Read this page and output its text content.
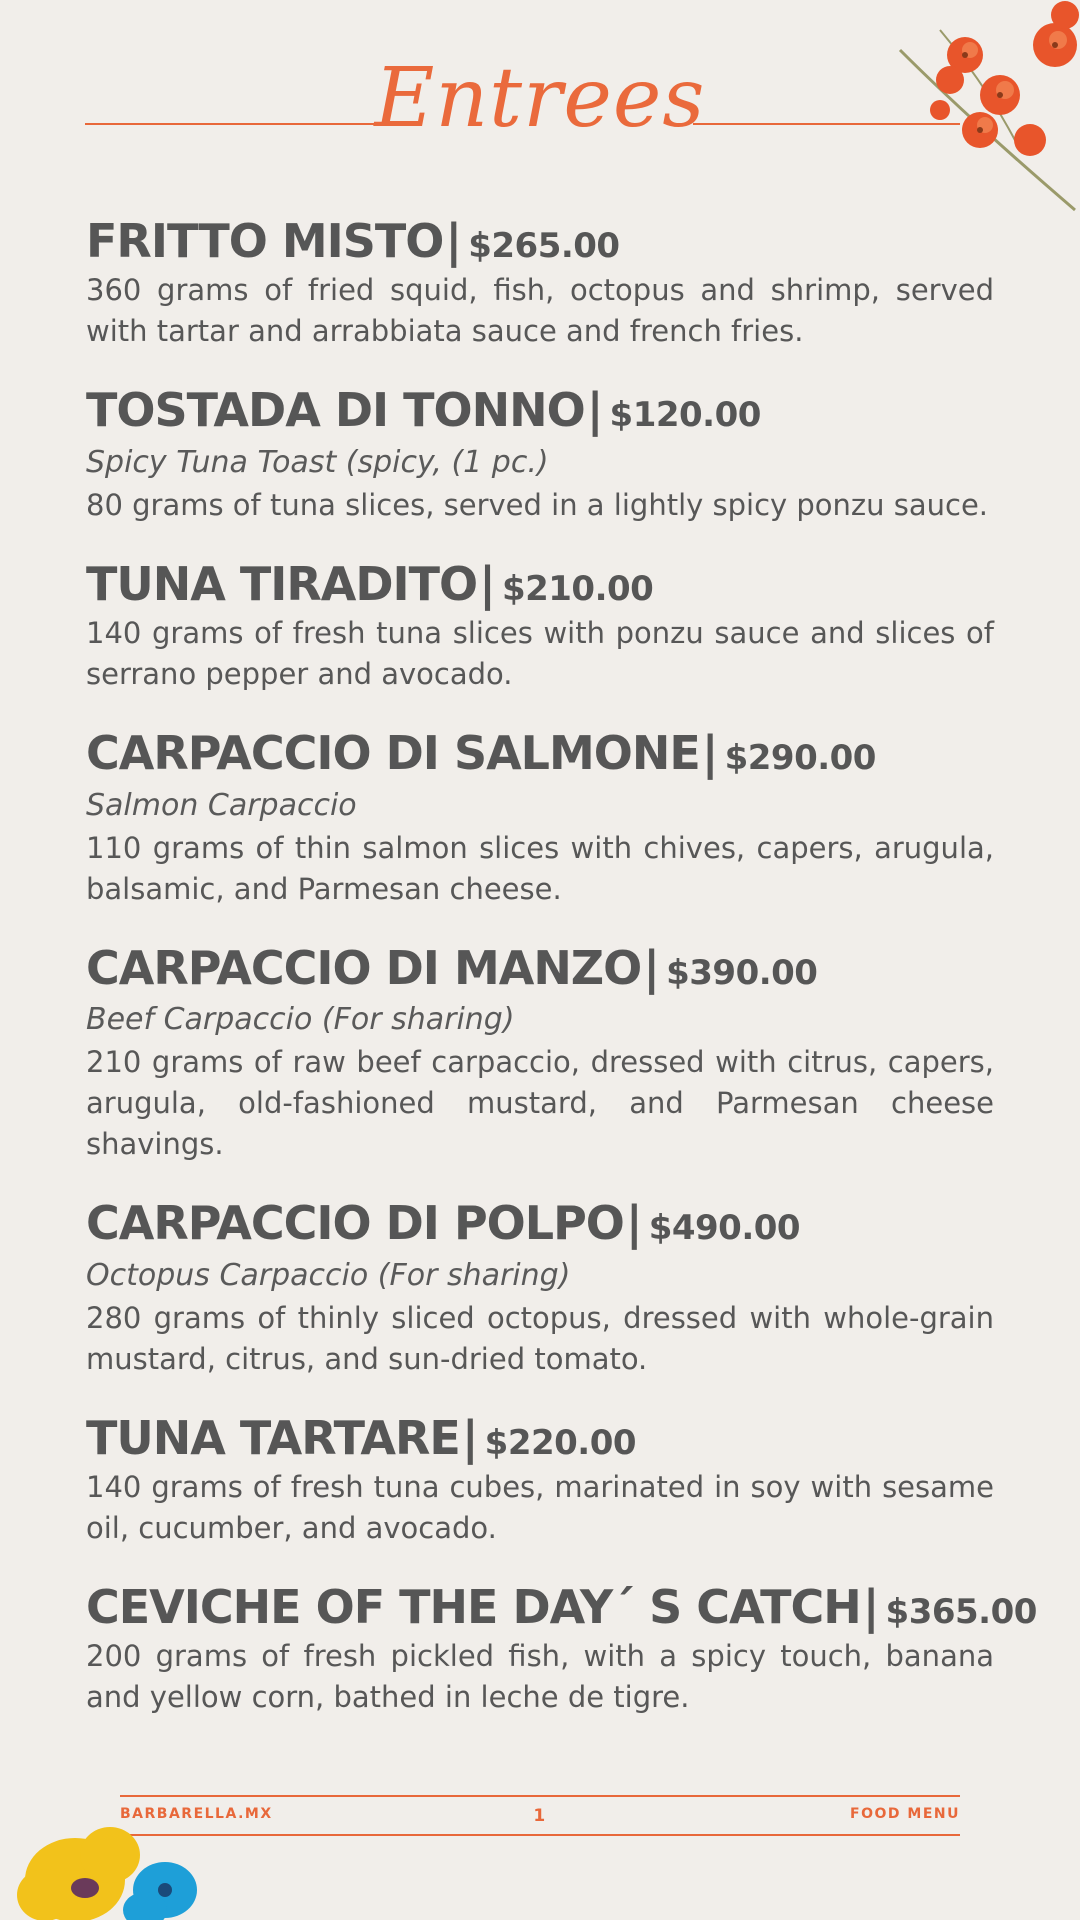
Entrees
FRITTO MISTO| $265.00
360 grams of fried squid, fish, octopus and shrimp, served with tartar and arrabbiata sauce and french fries.
TOSTADA DI TONNO| $120.00
Spicy Tuna Toast (spicy, (1 pc.)
80 grams of tuna slices, served in a lightly spicy ponzu sauce.
TUNA TIRADITO| $210.00
140 grams of fresh tuna slices with ponzu sauce and slices of serrano pepper and avocado.
CARPACCIO DI SALMONE| $290.00
Salmon Carpaccio
110 grams of thin salmon slices with chives, capers, arugula, balsamic, and Parmesan cheese.
CARPACCIO DI MANZO| $390.00
Beef Carpaccio (For sharing)
210 grams of raw beef carpaccio, dressed with citrus, capers, arugula, old-fashioned mustard, and Parmesan cheese shavings.
CARPACCIO DI POLPO| $490.00
Octopus Carpaccio (For sharing)
280 grams of thinly sliced octopus, dressed with whole-grain mustard, citrus, and sun-dried tomato.
TUNA TARTARE| $220.00
140 grams of fresh tuna cubes, marinated in soy with sesame oil, cucumber, and avocado.
CEVICHE OF THE DAY´ S CATCH| $365.00
200 grams of fresh pickled fish, with a spicy touch, banana and yellow corn, bathed in leche de tigre.
BARBARELLA.MX	1	FOOD MENU
